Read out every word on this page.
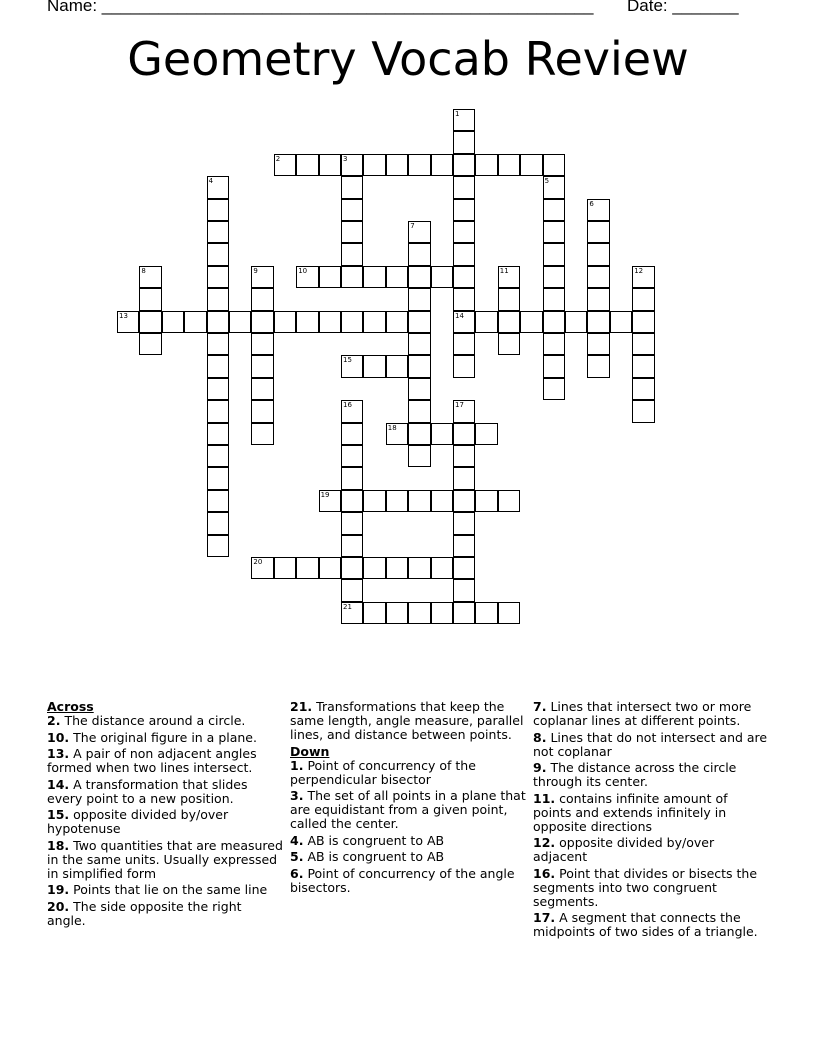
Name: ____________________________________________________ Date: _______
Geometry Vocab Review
1
14
2	3
4	5
6
7
8	9	10	11	12
13
15
16
21
17
18
19
20
Across
2. The distance around a circle.
10. The original figure in a plane.
13. A pair of non adjacent angles formed when two lines intersect.
14. A transformation that slides every point to a new position.
15. opposite divided by/over hypotenuse
18. Two quantities that are measured in the same units. Usually expressed in simplified form
19. Points that lie on the same line
20. The side opposite the right angle.
21. Transformations that keep the same length, angle measure, parallel lines, and distance between points.
Down
1. Point of concurrency of the perpendicular bisector
3. The set of all points in a plane that are equidistant from a given point, called the center.
4. AB is congruent to AB
5. AB is congruent to AB
6. Point of concurrency of the angle bisectors.
7. Lines that intersect two or more coplanar lines at different points.
8. Lines that do not intersect and are not coplanar
9. The distance across the circle through its center.
11. contains infinite amount of points and extends infinitely in opposite directions
12. opposite divided by/over adjacent
16. Point that divides or bisects the segments into two congruent segments.
17. A segment that connects the midpoints of two sides of a triangle.
